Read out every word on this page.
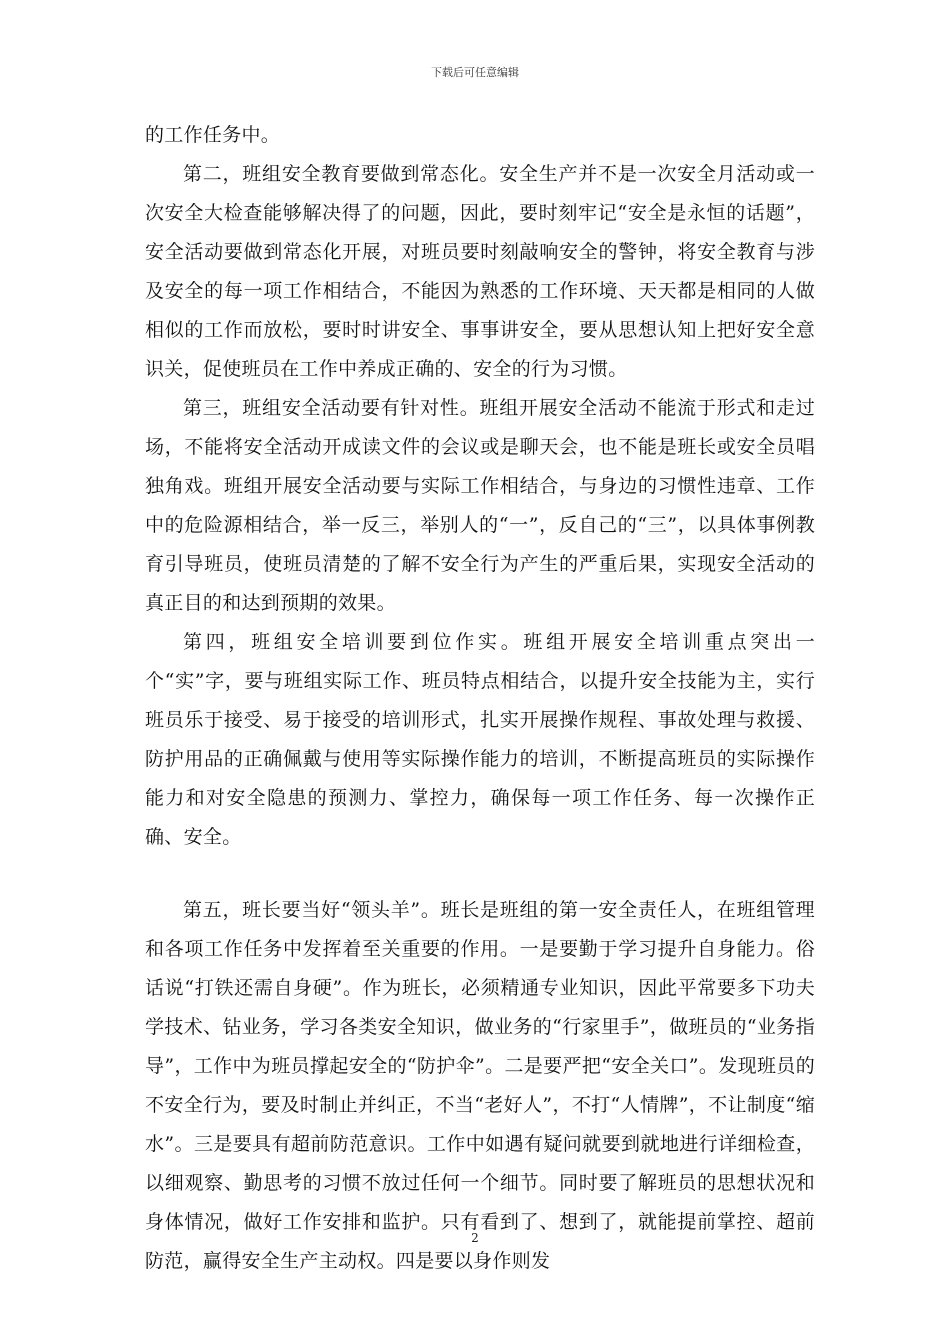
下载后可任意编辑

的工作任务中。

第二，班组安全教育要做到常态化。安全生产并不是一次安全月活动或一次安全大检查能够解决得了的问题，因此，要时刻牢记“安全是永恒的话题”，安全活动要做到常态化开展，对班员要时刻敲响安全的警钟，将安全教育与涉及安全的每一项工作相结合，不能因为熟悉的工作环境、天天都是相同的人做相似的工作而放松，要时时讲安全、事事讲安全，要从思想认知上把好安全意识关，促使班员在工作中养成正确的、安全的行为习惯。

第三，班组安全活动要有针对性。班组开展安全活动不能流于形式和走过场，不能将安全活动开成读文件的会议或是聊天会，也不能是班长或安全员唱独角戏。班组开展安全活动要与实际工作相结合，与身边的习惯性违章、工作中的危险源相结合，举一反三，举别人的“一”，反自己的“三”，以具体事例教育引导班员，使班员清楚的了解不安全行为产生的严重后果，实现安全活动的真正目的和达到预期的效果。

第四，班组安全培训要到位作实。班组开展安全培训重点突出一个“实”字，要与班组实际工作、班员特点相结合，以提升安全技能为主，实行班员乐于接受、易于接受的培训形式，扎实开展操作规程、事故处理与救援、防护用品的正确佩戴与使用等实际操作能力的培训，不断提高班员的实际操作能力和对安全隐患的预测力、掌控力，确保每一项工作任务、每一次操作正确、安全。

第五，班长要当好“领头羊”。班长是班组的第一安全责任人，在班组管理和各项工作任务中发挥着至关重要的作用。一是要勤于学习提升自身能力。俗话说“打铁还需自身硬”。作为班长，必须精通专业知识，因此平常要多下功夫学技术、钻业务，学习各类安全知识，做业务的“行家里手”，做班员的“业务指导”，工作中为班员撑起安全的“防护伞”。二是要严把“安全关口”。发现班员的不安全行为，要及时制止并纠正，不当“老好人”，不打“人情牌”，不让制度“缩水”。三是要具有超前防范意识。工作中如遇有疑问就要到就地进行详细检查，以细观察、勤思考的习惯不放过任何一个细节。同时要了解班员的思想状况和身体情况，做好工作安排和监护。只有看到了、想到了，就能提前掌控、超前防范，赢得安全生产主动权。四是要以身作则发

2
